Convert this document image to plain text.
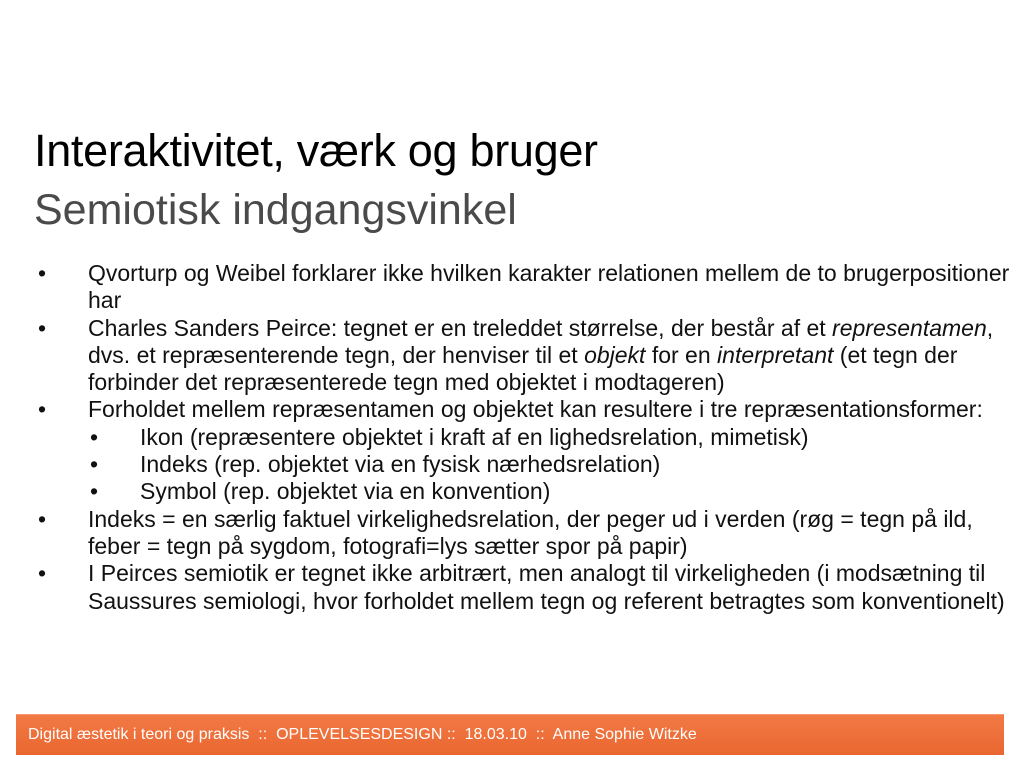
Interaktivitet, værk og bruger
Semiotisk indgangsvinkel
• Qvorturp og Weibel forklarer ikke hvilken karakter relationen mellem de to brugerpositioner har
• Charles Sanders Peirce: tegnet er en treleddet størrelse, der består af et representamen, dvs. et repræsenterende tegn, der henviser til et objekt for en interpretant (et tegn der forbinder det repræsenterede tegn med objektet i modtageren)
• Forholdet mellem repræsentamen og objektet kan resultere i tre repræsentationsformer:
• Ikon (repræsentere objektet i kraft af en lighedsrelation, mimetisk)
• Indeks (rep. objektet via en fysisk nærhedsrelation)
• Symbol (rep. objektet via en konvention)
• Indeks = en særlig faktuel virkelighedsrelation, der peger ud i verden (røg = tegn på ild, feber = tegn på sygdom, fotografi=lys sætter spor på papir)
• I Peirces semiotik er tegnet ikke arbitrært, men analogt til virkeligheden (i modsætning til Saussures semiologi, hvor forholdet mellem tegn og referent betragtes som konventionelt)
Digital æstetik i teori og praksis  ::  OPLEVELSESDESIGN ::  18.03.10  ::  Anne Sophie Witzke
